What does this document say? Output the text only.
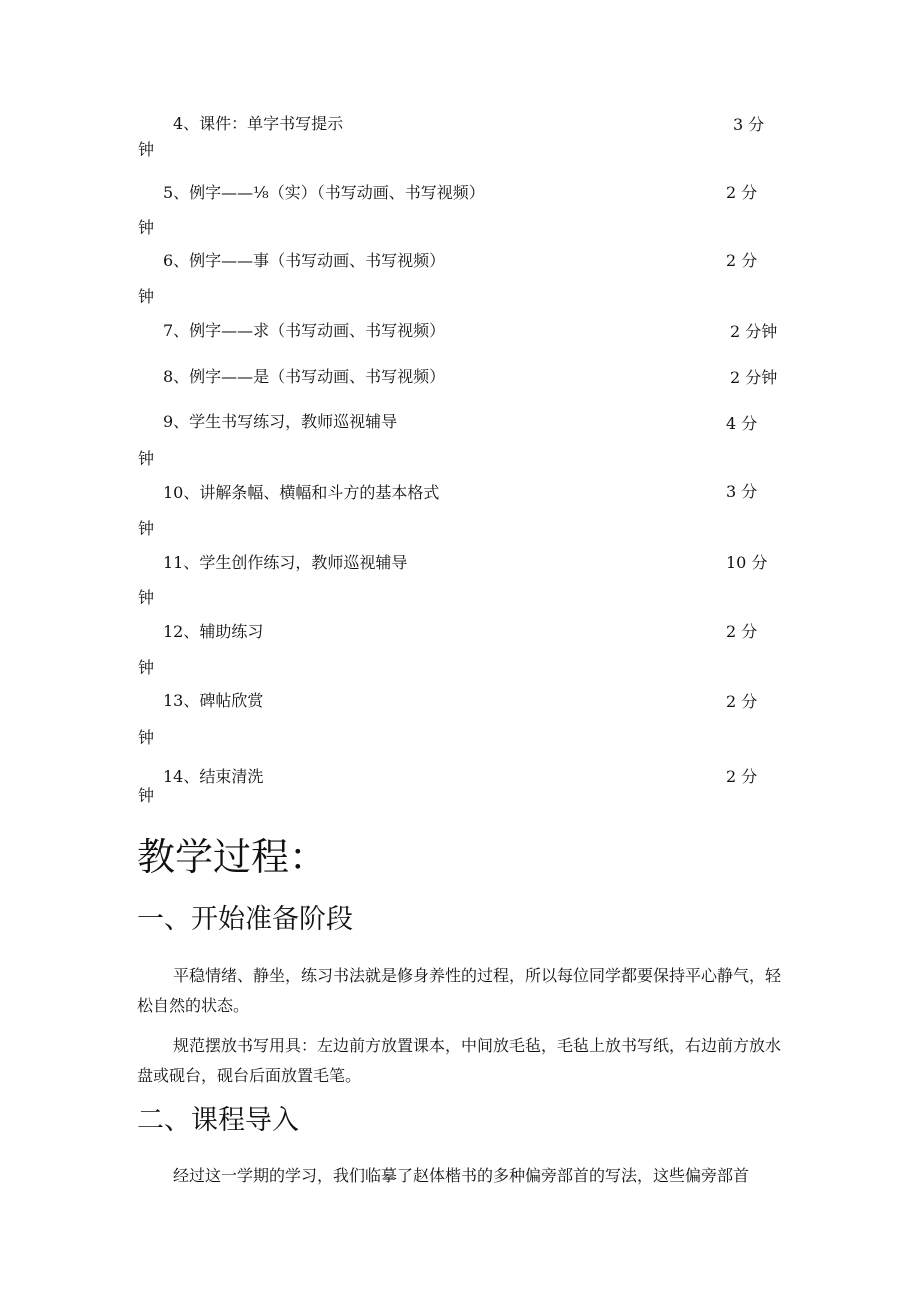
4、课件：单字书写提示	3 分
钟
5、例字——⅛（实）（书写动画、书写视频）	2 分
钟
6、例字——事（书写动画、书写视频）	2 分
钟
7、例字——求（书写动画、书写视频）	2 分钟
8、例字——是（书写动画、书写视频）	2 分钟
9、学生书写练习，教师巡视辅导	4 分
钟
10、讲解条幅、横幅和斗方的基本格式	3 分
钟
11、学生创作练习，教师巡视辅导	10 分
钟
12、辅助练习	2 分
钟
13、碑帖欣赏	2 分
钟
14、结束清洗	2 分
钟
教学过程：
一、开始准备阶段
平稳情绪、静坐，练习书法就是修身养性的过程，所以每位同学都要保持平心静气，轻松自然的状态。
规范摆放书写用具：左边前方放置课本，中间放毛毡，毛毡上放书写纸，右边前方放水盘或砚台，砚台后面放置毛笔。
二、课程导入
经过这一学期的学习，我们临摹了赵体楷书的多种偏旁部首的写法，这些偏旁部首
